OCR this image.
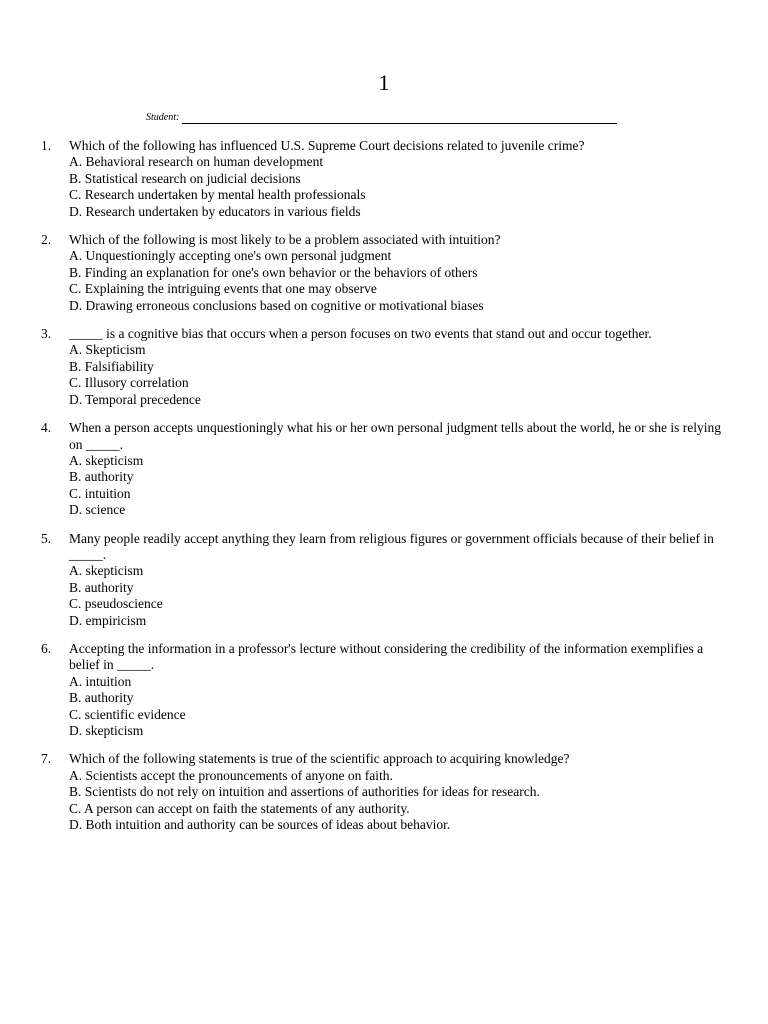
1
Student:
1. Which of the following has influenced U.S. Supreme Court decisions related to juvenile crime?
A. Behavioral research on human development
B. Statistical research on judicial decisions
C. Research undertaken by mental health professionals
D. Research undertaken by educators in various fields
2. Which of the following is most likely to be a problem associated with intuition?
A. Unquestioningly accepting one's own personal judgment
B. Finding an explanation for one's own behavior or the behaviors of others
C. Explaining the intriguing events that one may observe
D. Drawing erroneous conclusions based on cognitive or motivational biases
3. _____ is a cognitive bias that occurs when a person focuses on two events that stand out and occur together.
A. Skepticism
B. Falsifiability
C. Illusory correlation
D. Temporal precedence
4. When a person accepts unquestioningly what his or her own personal judgment tells about the world, he or she is relying on _____.
A. skepticism
B. authority
C. intuition
D. science
5. Many people readily accept anything they learn from religious figures or government officials because of their belief in _____.
A. skepticism
B. authority
C. pseudoscience
D. empiricism
6. Accepting the information in a professor's lecture without considering the credibility of the information exemplifies a belief in _____.
A. intuition
B. authority
C. scientific evidence
D. skepticism
7. Which of the following statements is true of the scientific approach to acquiring knowledge?
A. Scientists accept the pronouncements of anyone on faith.
B. Scientists do not rely on intuition and assertions of authorities for ideas for research.
C. A person can accept on faith the statements of any authority.
D. Both intuition and authority can be sources of ideas about behavior.
